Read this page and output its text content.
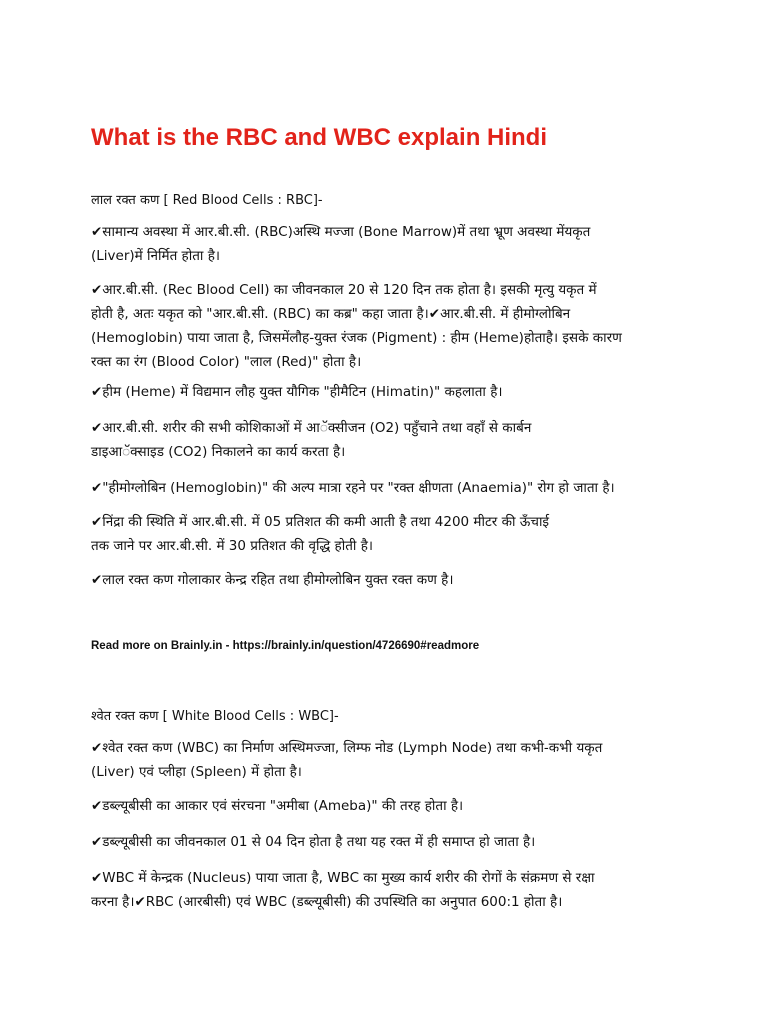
What is the RBC and WBC explain Hindi
लाल रक्त कण [ Red Blood Cells : RBC]-

✔सामान्य अवस्था में आर.बी.सी. (RBC)अस्थि मज्जा (Bone Marrow)में तथा भ्रूण अवस्था मेंयकृत
(Liver)में निर्मित होता है।

✔आर.बी.सी. (Rec Blood Cell) का जीवनकाल 20 से 120 दिन तक होता है। इसकी मृत्यु यकृत में
होती है, अतः यकृत को "आर.बी.सी. (RBC) का कब्र" कहा जाता है।✔आर.बी.सी. में हीमोग्लोबिन
(Hemoglobin) पाया जाता है, जिसमेंलौह-युक्त रंजक (Pigment) : हीम (Heme)होताहै। इसके कारण
रक्त का रंग (Blood Color) "लाल (Red)" होता है।

✔हीम (Heme) में विद्यमान लौह युक्त यौगिक "हीमैटिन (Himatin)" कहलाता है।

✔आर.बी.सी. शरीर की सभी कोशिकाओं में आॅक्सीजन (O2) पहुँचाने तथा वहाँ से कार्बन
डाइआॅक्साइड (CO2) निकालने का कार्य करता है।

✔"हीमोग्लोबिन (Hemoglobin)" की अल्प मात्रा रहने पर "रक्त क्षीणता (Anaemia)" रोग हो जाता है।

✔निंद्रा की स्थिति में आर.बी.सी. में 05 प्रतिशत की कमी आती है तथा 4200 मीटर की ऊँचाई
तक जाने पर आर.बी.सी. में 30 प्रतिशत की वृद्धि होती है।

✔लाल रक्त कण गोलाकार केन्द्र रहित तथा हीमोग्लोबिन युक्त रक्त कण है।

Read more on Brainly.in - https://brainly.in/question/4726690#readmore
श्वेत रक्त कण [ White Blood Cells : WBC]-

✔श्वेत रक्त कण (WBC) का निर्माण अस्थिमज्जा, लिम्फ नोड (Lymph Node) तथा कभी-कभी यकृत
(Liver) एवं प्लीहा (Spleen) में होता है।

✔डब्ल्यूबीसी का आकार एवं संरचना "अमीबा (Ameba)" की तरह होता है।

✔डब्ल्यूबीसी का जीवनकाल 01 से 04 दिन होता है तथा यह रक्त में ही समाप्त हो जाता है।

✔WBC में केन्द्रक (Nucleus) पाया जाता है, WBC का मुख्य कार्य शरीर की रोगों के संक्रमण से रक्षा
करना है।✔RBC (आरबीसी) एवं WBC (डब्ल्यूबीसी) की उपस्थिति का अनुपात 600:1 होता है।
